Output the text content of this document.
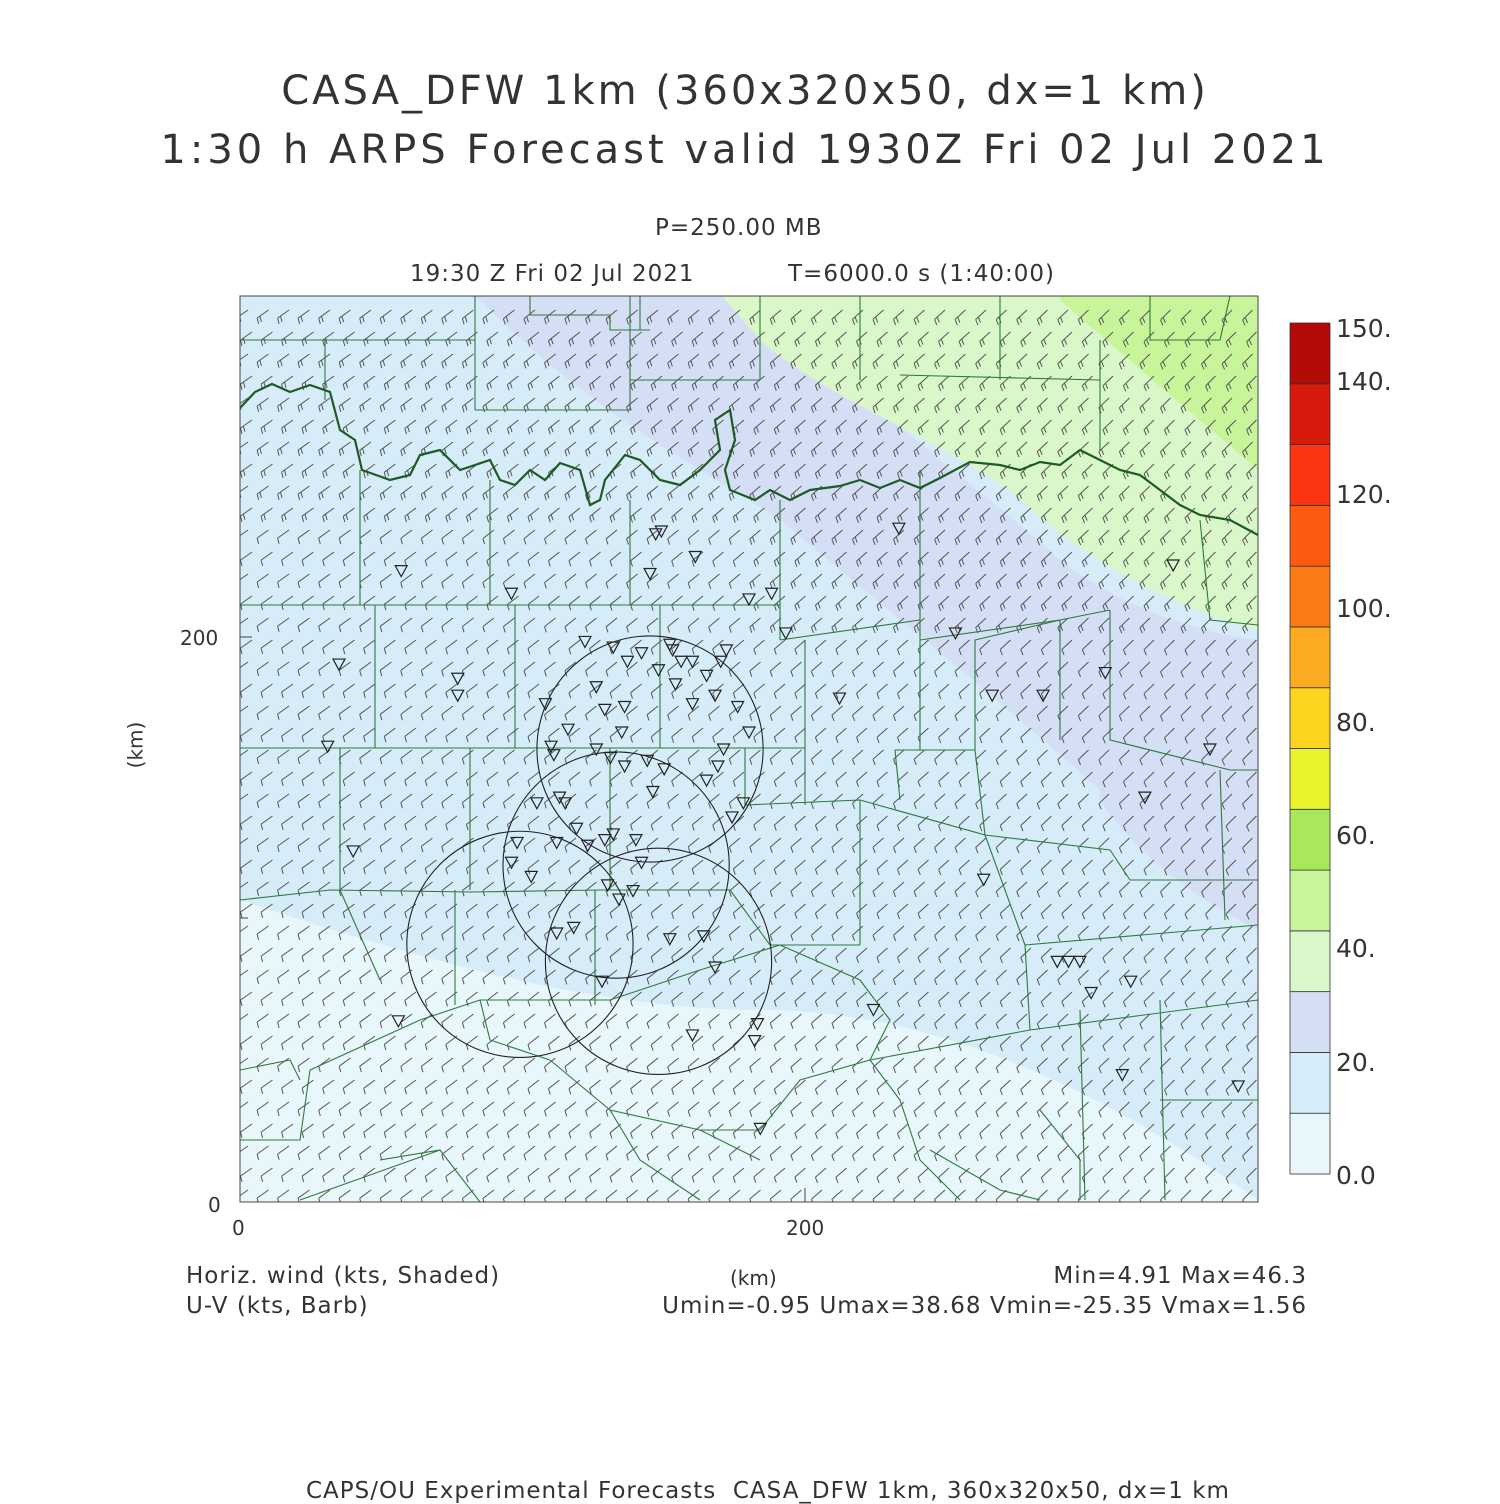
CASA_DFW 1km (360x320x50, dx=1 km)
1:30 h ARPS Forecast valid 1930Z Fri 02 Jul 2021
P=250.00 MB
19:30 Z Fri 02 Jul 2021	T=6000.0 s (1:40:00)
200
0
0	200
(km)
(km)
150.
140.
120.
100.
80.
60.
40.
20.
0.0
Horiz. wind (kts, Shaded)
U-V (kts, Barb)
Min=4.91 Max=46.3
Umin=-0.95 Umax=38.68 Vmin=-25.35 Vmax=1.56
CAPS/OU Experimental Forecasts  CASA_DFW 1km, 360x320x50, dx=1 km
